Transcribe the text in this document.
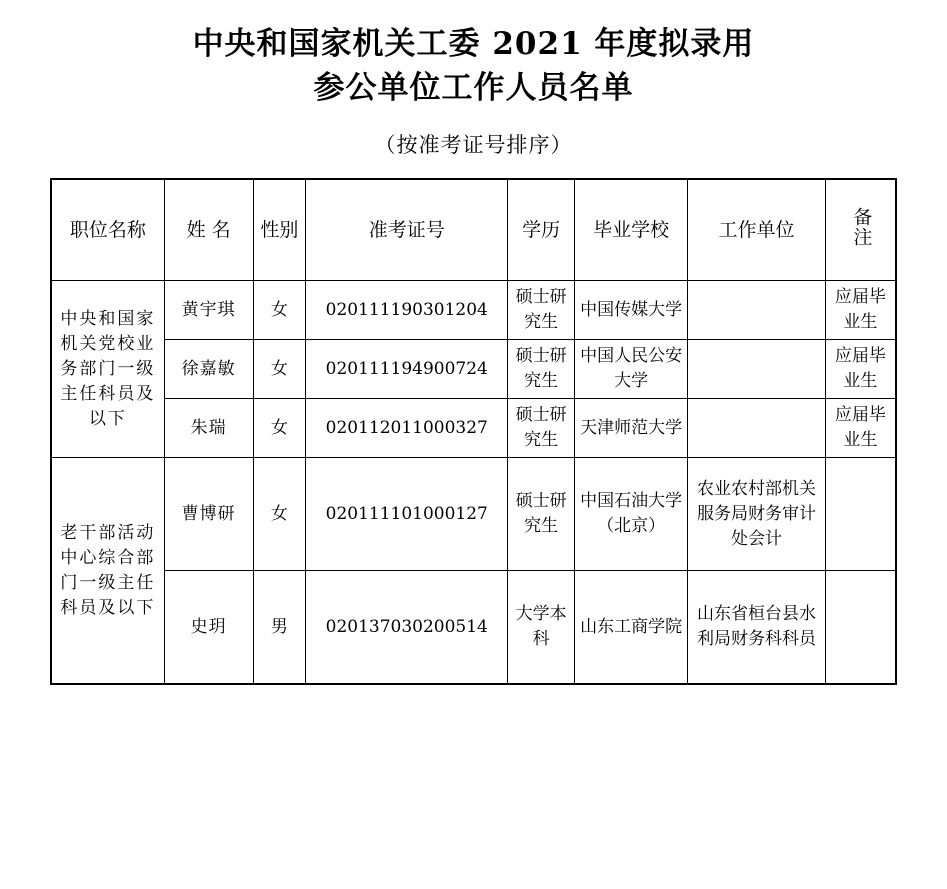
中央和国家机关工委 2021 年度拟录用
参公单位工作人员名单
（按准考证号排序）
职位名称	姓 名	性别	准考证号	学历	毕业学校	工作单位	备注
中央和国家机关党校业务部门一级主任科员及以下	黄宇琪	女	020111190301204	硕士研究生	中国传媒大学		应届毕业生
	徐嘉敏	女	020111194900724	硕士研究生	中国人民公安大学		应届毕业生
	朱瑞	女	020112011000327	硕士研究生	天津师范大学		应届毕业生
老干部活动中心综合部门一级主任科员及以下	曹博研	女	020111101000127	硕士研究生	中国石油大学（北京）	农业农村部机关服务局财务审计处会计	
	史玥	男	020137030200514	大学本科	山东工商学院	山东省桓台县水利局财务科科员	
